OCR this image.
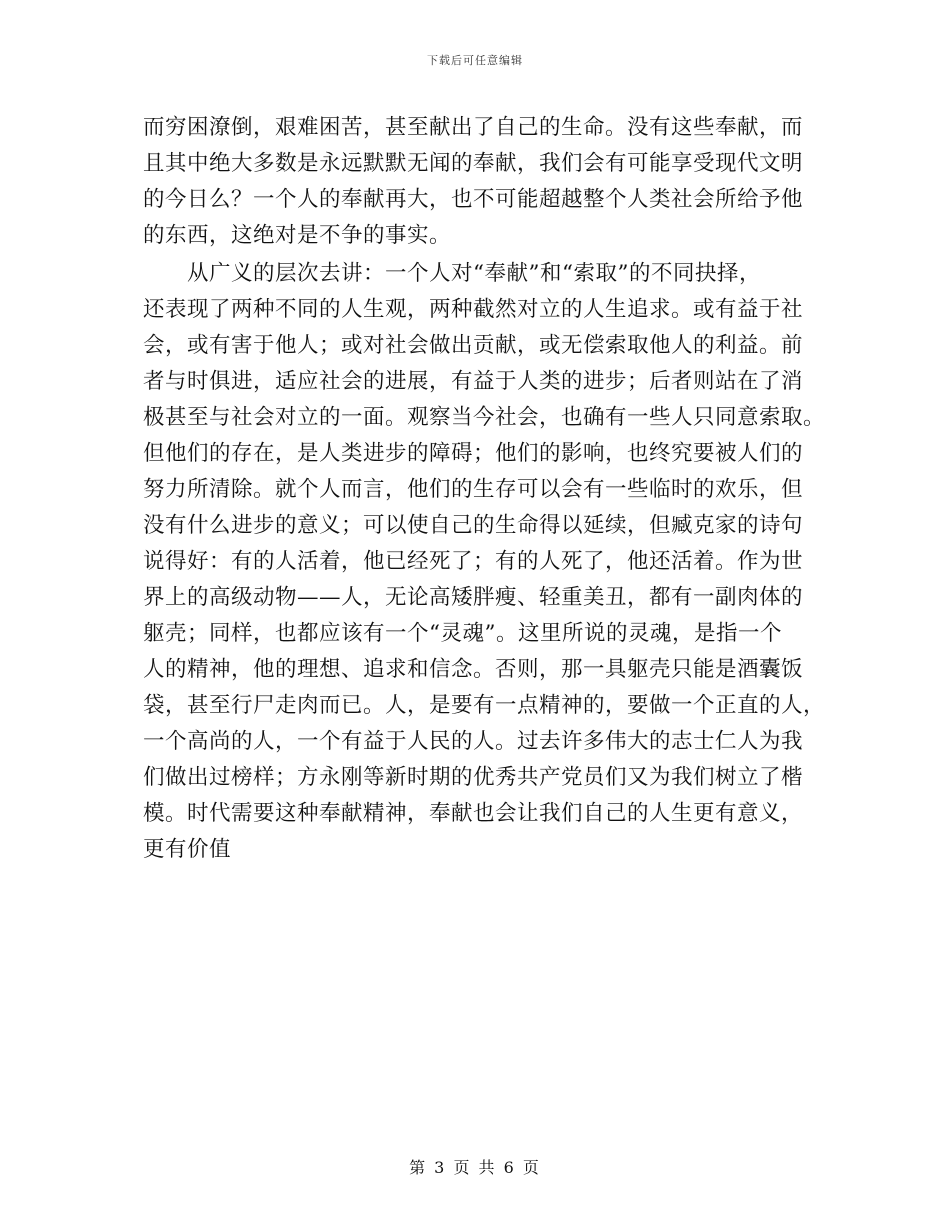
下载后可任意编辑
而穷困潦倒，艰难困苦，甚至献出了自己的生命。没有这些奉献，而
且其中绝大多数是永远默默无闻的奉献，我们会有可能享受现代文明
的今日么？一个人的奉献再大，也不可能超越整个人类社会所给予他
的东西，这绝对是不争的事实。
　　从广义的层次去讲：一个人对“奉献”和“索取”的不同抉择，
还表现了两种不同的人生观，两种截然对立的人生追求。或有益于社
会，或有害于他人；或对社会做出贡献，或无偿索取他人的利益。前
者与时俱进，适应社会的进展，有益于人类的进步；后者则站在了消
极甚至与社会对立的一面。观察当今社会，也确有一些人只同意索取。
但他们的存在，是人类进步的障碍；他们的影响，也终究要被人们的
努力所清除。就个人而言，他们的生存可以会有一些临时的欢乐，但
没有什么进步的意义；可以使自己的生命得以延续，但臧克家的诗句
说得好：有的人活着，他已经死了；有的人死了，他还活着。作为世
界上的高级动物——人，无论高矮胖瘦、轻重美丑，都有一副肉体的
躯壳；同样，也都应该有一个“灵魂”。这里所说的灵魂，是指一个
人的精神，他的理想、追求和信念。否则，那一具躯壳只能是酒囊饭
袋，甚至行尸走肉而已。人，是要有一点精神的，要做一个正直的人，
一个高尚的人，一个有益于人民的人。过去许多伟大的志士仁人为我
们做出过榜样；方永刚等新时期的优秀共产党员们又为我们树立了楷
模。时代需要这种奉献精神，奉献也会让我们自己的人生更有意义，
更有价值
第 3 页 共 6 页
